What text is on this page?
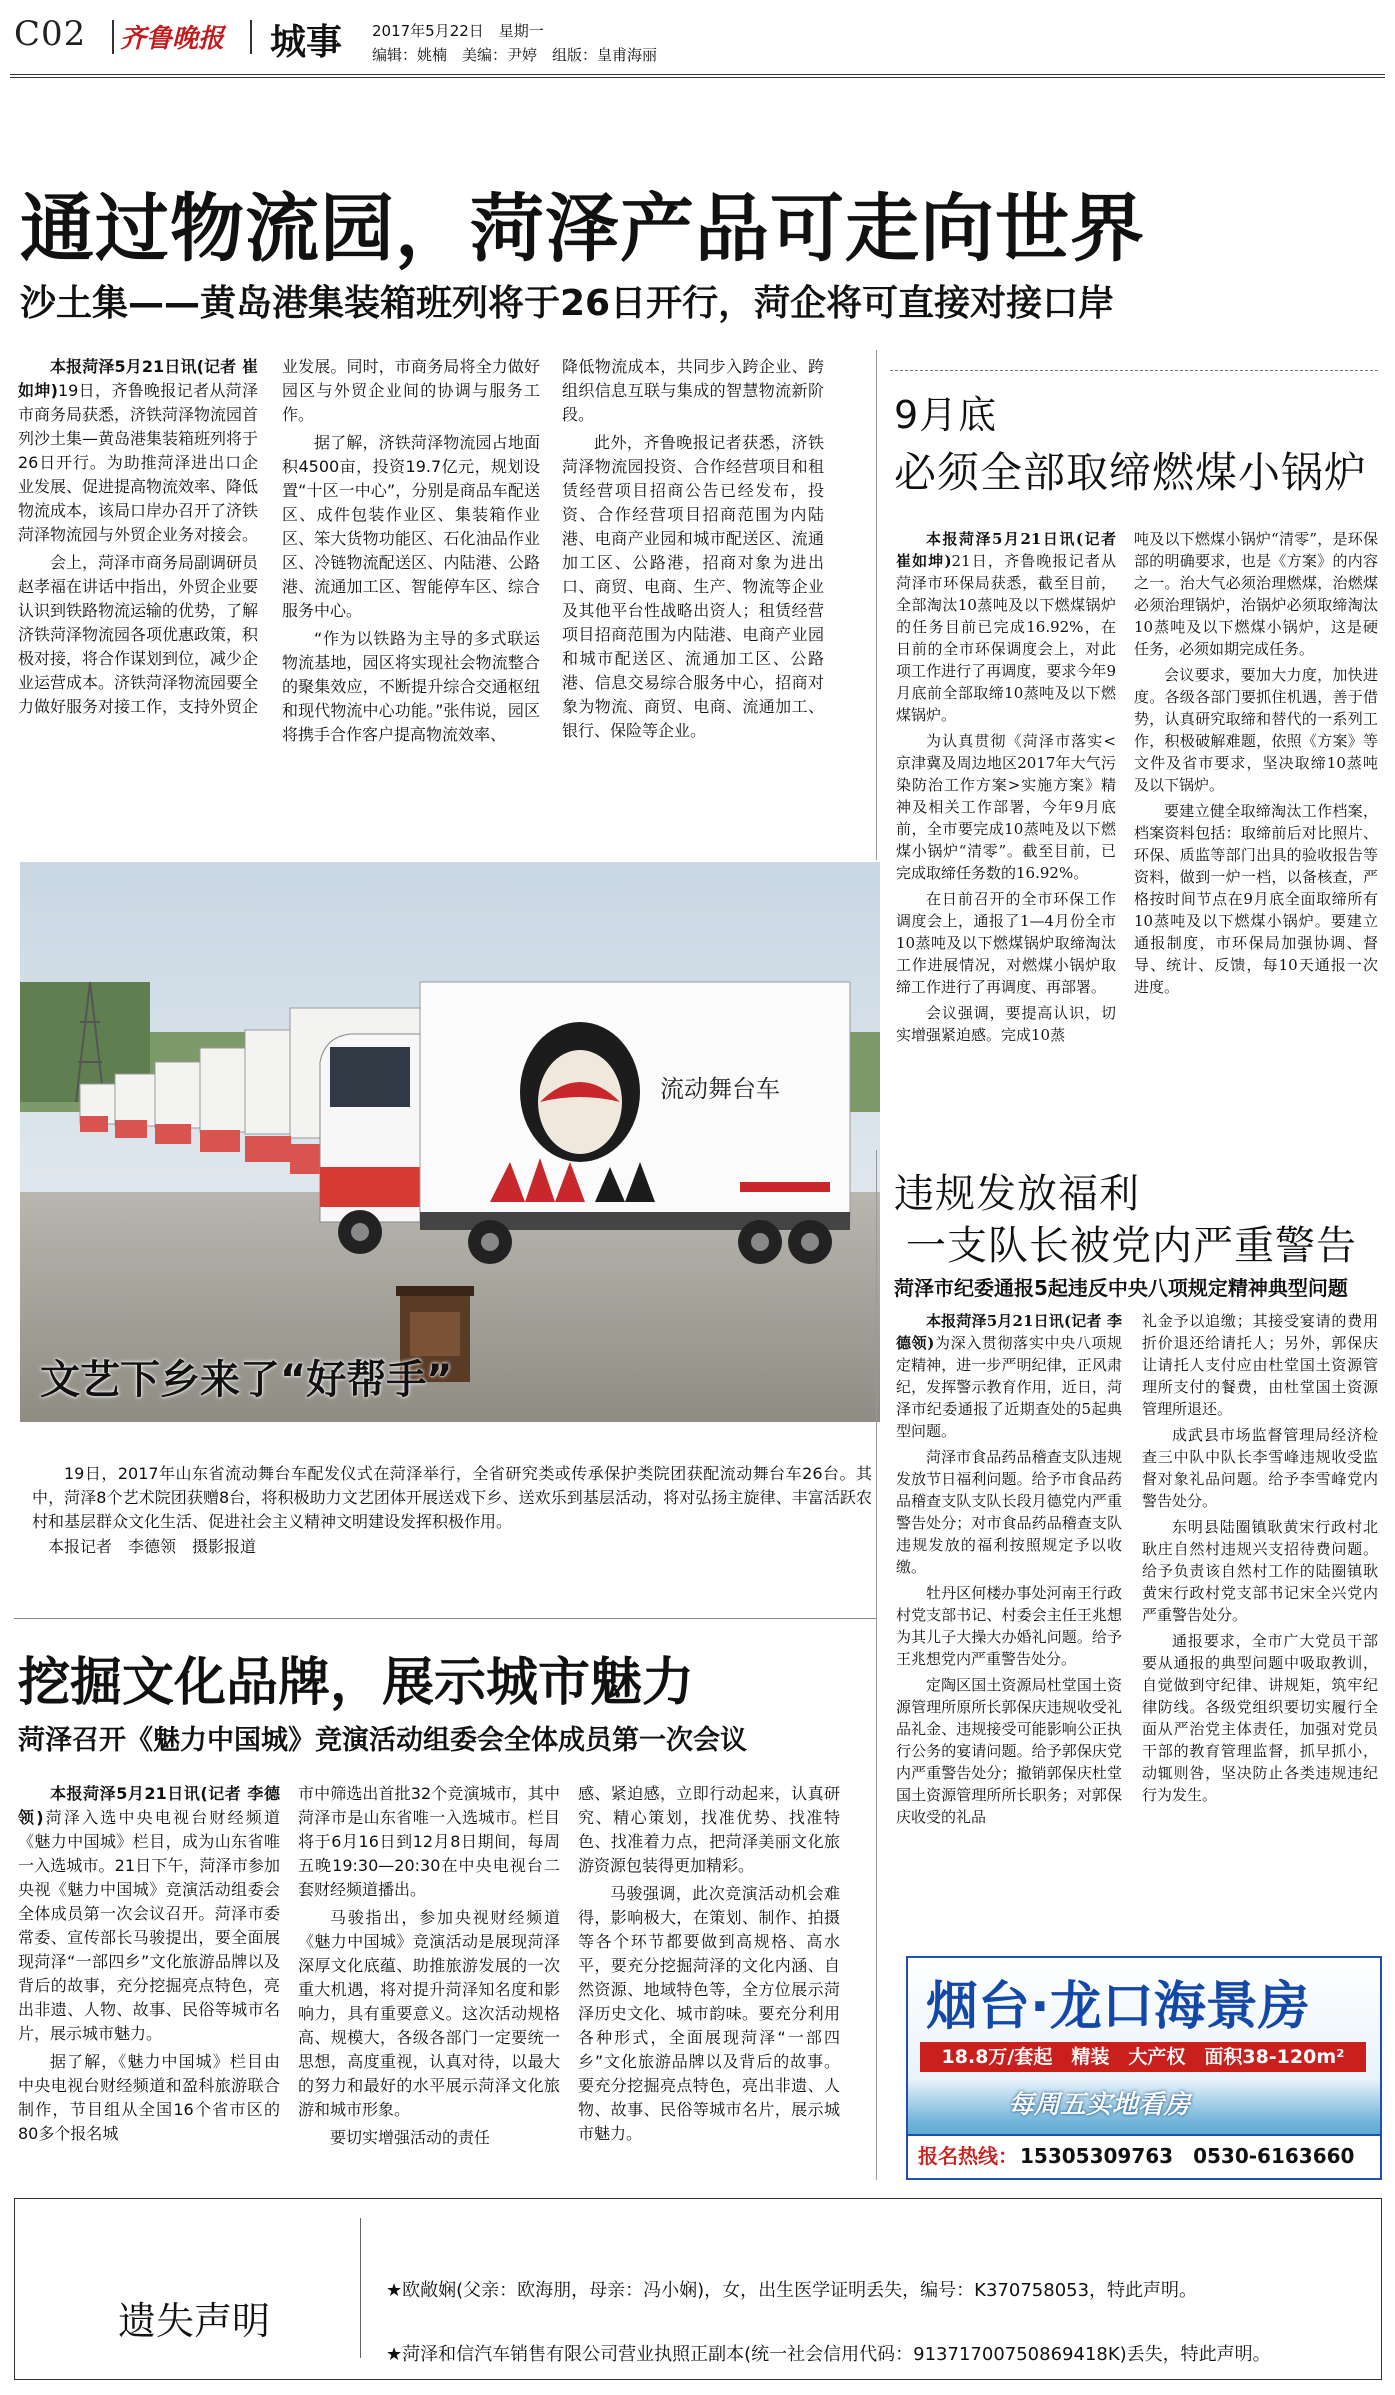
C02 齐鲁晚报 城事 2017年5月22日　星期一
编辑：姚楠　美编：尹婷　组版：皇甫海丽
通过物流园，菏泽产品可走向世界
沙土集——黄岛港集装箱班列将于26日开行，菏企将可直接对接口岸

本报菏泽5月21日讯(记者 崔如坤)19日，齐鲁晚报记者从菏泽市商务局获悉，济铁菏泽物流园首列沙土集—黄岛港集装箱班列将于26日开行。为助推菏泽进出口企业发展、促进提高物流效率、降低物流成本，该局口岸办召开了济铁菏泽物流园与外贸企业务对接会。

会上，菏泽市商务局副调研员赵孝福在讲话中指出，外贸企业要认识到铁路物流运输的优势，了解济铁菏泽物流园各项优惠政策，积极对接，将合作谋划到位，减少企业运营成本。济铁菏泽物流园要全力做好服务对接工作，支持外贸企

业发展。同时，市商务局将全力做好园区与外贸企业间的协调与服务工作。

据了解，济铁菏泽物流园占地面积4500亩，投资19.7亿元，规划设置“十区一中心”，分别是商品车配送区、成件包装作业区、集装箱作业区、笨大货物功能区、石化油品作业区、冷链物流配送区、内陆港、公路港、流通加工区、智能停车区、综合服务中心。

“作为以铁路为主导的多式联运物流基地，园区将实现社会物流整合的聚集效应，不断提升综合交通枢纽和现代物流中心功能。”张伟说，园区将携手合作客户提高物流效率、

降低物流成本，共同步入跨企业、跨组织信息互联与集成的智慧物流新阶段。

此外，齐鲁晚报记者获悉，济铁菏泽物流园投资、合作经营项目和租赁经营项目招商公告已经发布，投资、合作经营项目招商范围为内陆港、电商产业园和城市配送区、流通加工区、公路港，招商对象为进出口、商贸、电商、生产、物流等企业及其他平台性战略出资人；租赁经营项目招商范围为内陆港、电商产业园和城市配送区、流通加工区、公路港、信息交易综合服务中心，招商对象为物流、商贸、电商、流通加工、银行、保险等企业。

流动舞台车
文艺下乡来了“好帮手”
19日，2017年山东省流动舞台车配发仪式在菏泽举行，全省研究类或传承保护类院团获配流动舞台车26台。其中，菏泽8个艺术院团获赠8台，将积极助力文艺团体开展送戏下乡、送欢乐到基层活动，将对弘扬主旋律、丰富活跃农村和基层群众文化生活、促进社会主义精神文明建设发挥积极作用。
本报记者　李德领　摄影报道
9月底
必须全部取缔燃煤小锅炉

本报菏泽5月21日讯(记者 崔如坤)21日，齐鲁晚报记者从菏泽市环保局获悉，截至目前，全部淘汰10蒸吨及以下燃煤锅炉的任务目前已完成16.92%，在日前的全市环保调度会上，对此项工作进行了再调度，要求今年9月底前全部取缔10蒸吨及以下燃煤锅炉。

为认真贯彻《菏泽市落实<京津冀及周边地区2017年大气污染防治工作方案>实施方案》精神及相关工作部署，今年9月底前，全市要完成10蒸吨及以下燃煤小锅炉“清零”。截至目前，已完成取缔任务数的16.92%。

在日前召开的全市环保工作调度会上，通报了1—4月份全市10蒸吨及以下燃煤锅炉取缔淘汰工作进展情况，对燃煤小锅炉取缔工作进行了再调度、再部署。

会议强调，要提高认识，切实增强紧迫感。完成10蒸

吨及以下燃煤小锅炉“清零”，是环保部的明确要求，也是《方案》的内容之一。治大气必须治理燃煤，治燃煤必须治理锅炉，治锅炉必须取缔淘汰10蒸吨及以下燃煤小锅炉，这是硬任务，必须如期完成任务。

会议要求，要加大力度，加快进度。各级各部门要抓住机遇，善于借势，认真研究取缔和替代的一系列工作，积极破解难题，依照《方案》等文件及省市要求，坚决取缔10蒸吨及以下锅炉。

要建立健全取缔淘汰工作档案，档案资料包括：取缔前后对比照片、环保、质监等部门出具的验收报告等资料，做到一炉一档，以备核查，严格按时间节点在9月底全面取缔所有10蒸吨及以下燃煤小锅炉。要建立通报制度，市环保局加强协调、督导、统计、反馈，每10天通报一次进度。

违规发放福利
一支队长被党内严重警告
菏泽市纪委通报5起违反中央八项规定精神典型问题

本报菏泽5月21日讯(记者 李德领)为深入贯彻落实中央八项规定精神，进一步严明纪律，正风肃纪，发挥警示教育作用，近日，菏泽市纪委通报了近期查处的5起典型问题。

菏泽市食品药品稽查支队违规发放节日福利问题。给予市食品药品稽查支队支队长段月德党内严重警告处分；对市食品药品稽查支队违规发放的福利按照规定予以收缴。

牡丹区何楼办事处河南王行政村党支部书记、村委会主任王兆想为其儿子大操大办婚礼问题。给予王兆想党内严重警告处分。

定陶区国土资源局杜堂国土资源管理所原所长郭保庆违规收受礼品礼金、违规接受可能影响公正执行公务的宴请问题。给予郭保庆党内严重警告处分；撤销郭保庆杜堂国土资源管理所所长职务；对郭保庆收受的礼品

礼金予以追缴；其接受宴请的费用折价退还给请托人；另外，郭保庆让请托人支付应由杜堂国土资源管理所支付的餐费，由杜堂国土资源管理所退还。

成武县市场监督管理局经济检查三中队中队长李雪峰违规收受监督对象礼品问题。给予李雪峰党内警告处分。

东明县陆圈镇耿黄宋行政村北耿庄自然村违规兴支招待费问题。给予负责该自然村工作的陆圈镇耿黄宋行政村党支部书记宋全兴党内严重警告处分。

通报要求，全市广大党员干部要从通报的典型问题中吸取教训，自觉做到守纪律、讲规矩，筑牢纪律防线。各级党组织要切实履行全面从严治党主体责任，加强对党员干部的教育管理监督，抓早抓小，动辄则咎，坚决防止各类违规违纪行为发生。

挖掘文化品牌，展示城市魅力
菏泽召开《魅力中国城》竞演活动组委会全体成员第一次会议

本报菏泽5月21日讯(记者 李德领)菏泽入选中央电视台财经频道《魅力中国城》栏目，成为山东省唯一入选城市。21日下午，菏泽市参加央视《魅力中国城》竞演活动组委会全体成员第一次会议召开。菏泽市委常委、宣传部长马骏提出，要全面展现菏泽“一部四乡”文化旅游品牌以及背后的故事，充分挖掘亮点特色，亮出非遗、人物、故事、民俗等城市名片，展示城市魅力。

据了解，《魅力中国城》栏目由中央电视台财经频道和盈科旅游联合制作，节目组从全国16个省市区的80多个报名城

市中筛选出首批32个竞演城市，其中菏泽市是山东省唯一入选城市。栏目将于6月16日到12月8日期间，每周五晚19:30—20:30在中央电视台二套财经频道播出。

马骏指出，参加央视财经频道《魅力中国城》竞演活动是展现菏泽深厚文化底蕴、助推旅游发展的一次重大机遇，将对提升菏泽知名度和影响力，具有重要意义。这次活动规格高、规模大，各级各部门一定要统一思想，高度重视，认真对待，以最大的努力和最好的水平展示菏泽文化旅游和城市形象。

要切实增强活动的责任

感、紧迫感，立即行动起来，认真研究、精心策划，找准优势、找准特色、找准着力点，把菏泽美丽文化旅游资源包装得更加精彩。

马骏强调，此次竞演活动机会难得，影响极大，在策划、制作、拍摄等各个环节都要做到高规格、高水平，要充分挖掘菏泽的文化内涵、自然资源、地域特色等，全方位展示菏泽历史文化、城市韵味。要充分利用各种形式，全面展现菏泽“一部四乡”文化旅游品牌以及背后的故事。要充分挖掘亮点特色，亮出非遗、人物、故事、民俗等城市名片，展示城市魅力。

烟台·龙口海景房
18.8万/套起　精装　大产权　面积38-120m²
每周五实地看房
报名热线： 15305309763　0530-6163660
遗失声明
★欧敞娴(父亲：欧海朋，母亲：冯小娴)，女，出生医学证明丢失，编号：K370758053，特此声明。
★菏泽和信汽车销售有限公司营业执照正副本(统一社会信用代码：91371700750869418K)丢失，特此声明。
